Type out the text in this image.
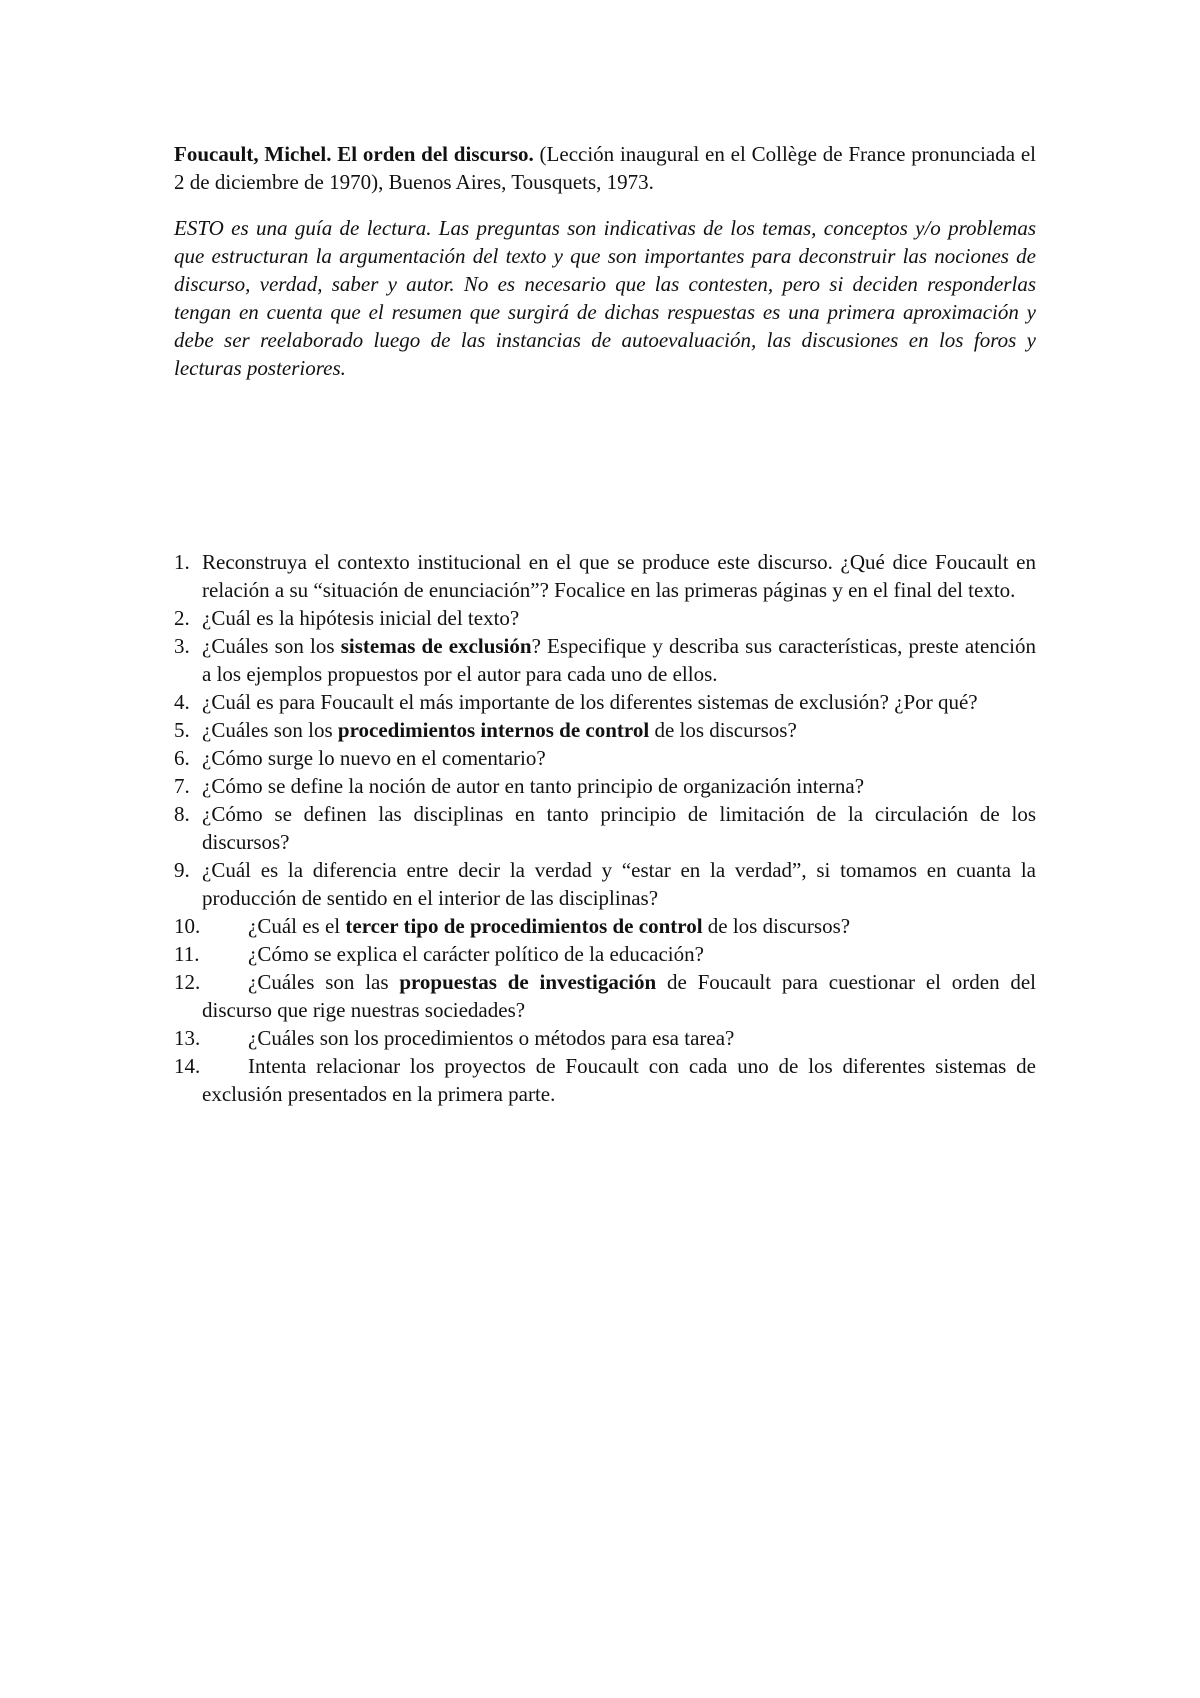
Foucault, Michel. El orden del discurso. (Lección inaugural en el Collège de France pronunciada el 2 de diciembre de 1970), Buenos Aires, Tousquets, 1973.

ESTO es una guía de lectura. Las preguntas son indicativas de los temas, conceptos y/o problemas que estructuran la argumentación del texto y que son importantes para deconstruir las nociones de discurso, verdad, saber y autor. No es necesario que las contesten, pero si deciden responderlas tengan en cuenta que el resumen que surgirá de dichas respuestas es una primera aproximación y debe ser reelaborado luego de las instancias de autoevaluación, las discusiones en los foros y lecturas posteriores.

1. Reconstruya el contexto institucional en el que se produce este discurso. ¿Qué dice Foucault en relación a su “situación de enunciación”? Focalice en las primeras páginas y en el final del texto.
2. ¿Cuál es la hipótesis inicial del texto?
3. ¿Cuáles son los sistemas de exclusión? Especifique y describa sus características, preste atención a los ejemplos propuestos por el autor para cada uno de ellos.
4. ¿Cuál es para Foucault el más importante de los diferentes sistemas de exclusión? ¿Por qué?
5. ¿Cuáles son los procedimientos internos de control de los discursos?
6. ¿Cómo surge lo nuevo en el comentario?
7. ¿Cómo se define la noción de autor en tanto principio de organización interna?
8. ¿Cómo se definen las disciplinas en tanto principio de limitación de la circulación de los discursos?
9. ¿Cuál es la diferencia entre decir la verdad y “estar en la verdad”, si tomamos en cuanta la producción de sentido en el interior de las disciplinas?
10.	¿Cuál es el tercer tipo de procedimientos de control de los discursos?
11.	¿Cómo se explica el carácter político de la educación?
12.	¿Cuáles son las propuestas de investigación de Foucault para cuestionar el orden del discurso que rige nuestras sociedades?
13.	¿Cuáles son los procedimientos o métodos para esa tarea?
14.	Intenta relacionar los proyectos de Foucault con cada uno de los diferentes sistemas de exclusión presentados en la primera parte.
